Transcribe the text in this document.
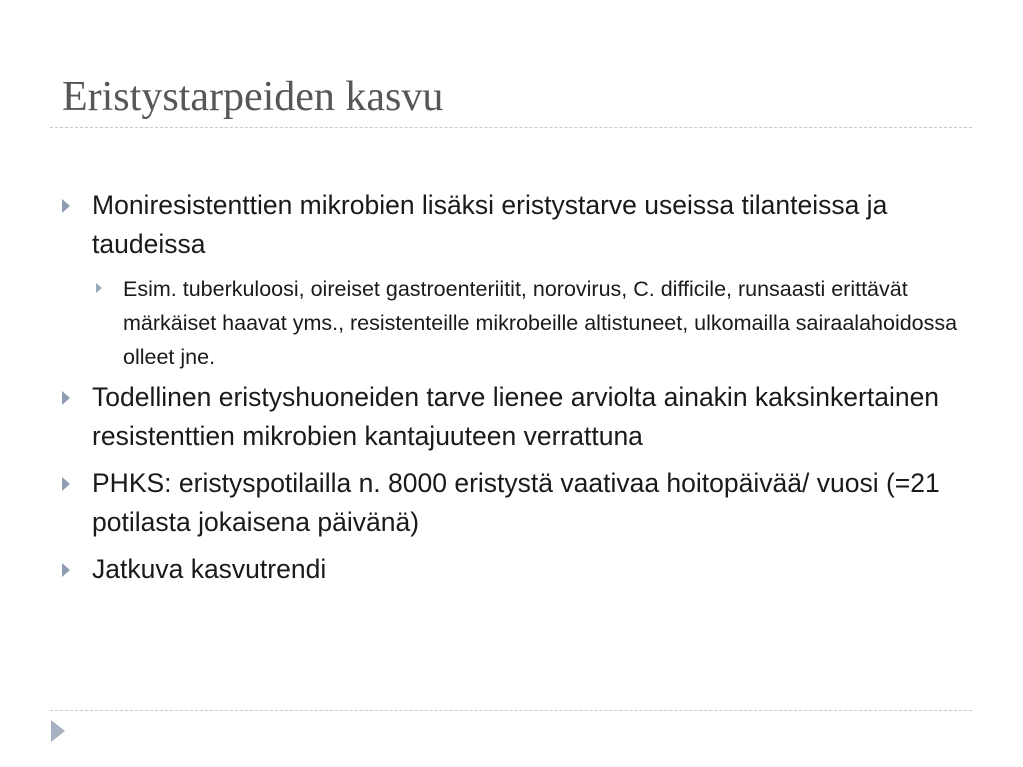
Eristystarpeiden kasvu
Moniresistenttien mikrobien lisäksi eristystarve useissa tilanteissa ja taudeissa
Esim. tuberkuloosi, oireiset gastroenteriitit, norovirus, C. difficile, runsaasti erittävät märkäiset haavat yms., resistenteille mikrobeille altistuneet, ulkomailla sairaalahoidossa olleet jne.
Todellinen eristyshuoneiden tarve lienee arviolta ainakin kaksinkertainen resistenttien mikrobien kantajuuteen verrattuna
PHKS: eristyspotilailla n. 8000 eristystä vaativaa hoitopäivää/ vuosi (=21 potilasta jokaisena päivänä)
Jatkuva kasvutrendi
